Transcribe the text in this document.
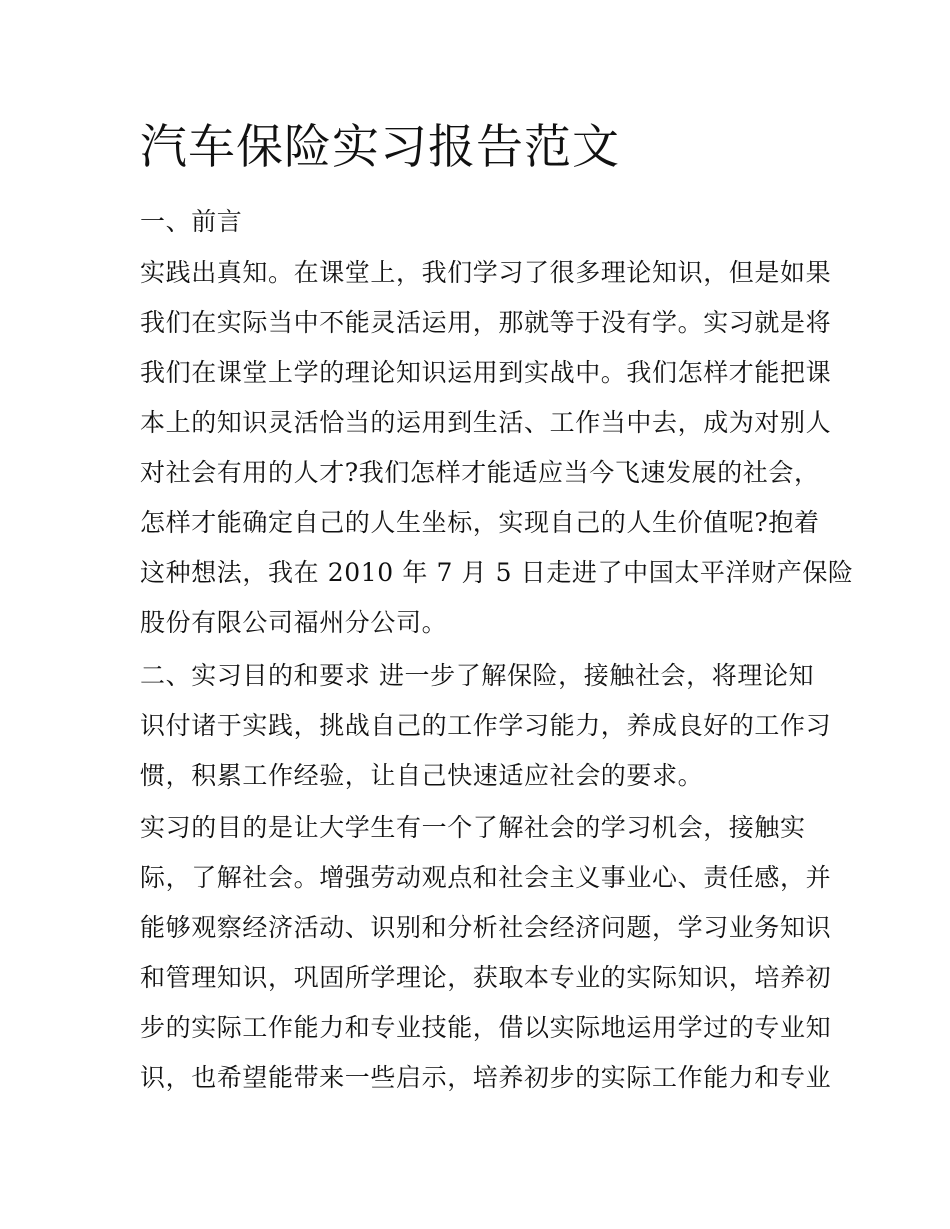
汽车保险实习报告范文

一、前言

实践出真知。在课堂上，我们学习了很多理论知识，但是如果

我们在实际当中不能灵活运用，那就等于没有学。实习就是将

我们在课堂上学的理论知识运用到实战中。我们怎样才能把课

本上的知识灵活恰当的运用到生活、工作当中去，成为对别人

对社会有用的人才?我们怎样才能适应当今飞速发展的社会，

怎样才能确定自己的人生坐标，实现自己的人生价值呢?抱着

这种想法，我在 2010 年 7 月 5 日走进了中国太平洋财产保险

股份有限公司福州分公司。

二、实习目的和要求 进一步了解保险，接触社会，将理论知

识付诸于实践，挑战自己的工作学习能力，养成良好的工作习

惯，积累工作经验，让自己快速适应社会的要求。

实习的目的是让大学生有一个了解社会的学习机会，接触实

际，了解社会。增强劳动观点和社会主义事业心、责任感，并

能够观察经济活动、识别和分析社会经济问题，学习业务知识

和管理知识，巩固所学理论，获取本专业的实际知识，培养初

步的实际工作能力和专业技能，借以实际地运用学过的专业知

识，也希望能带来一些启示，培养初步的实际工作能力和专业
